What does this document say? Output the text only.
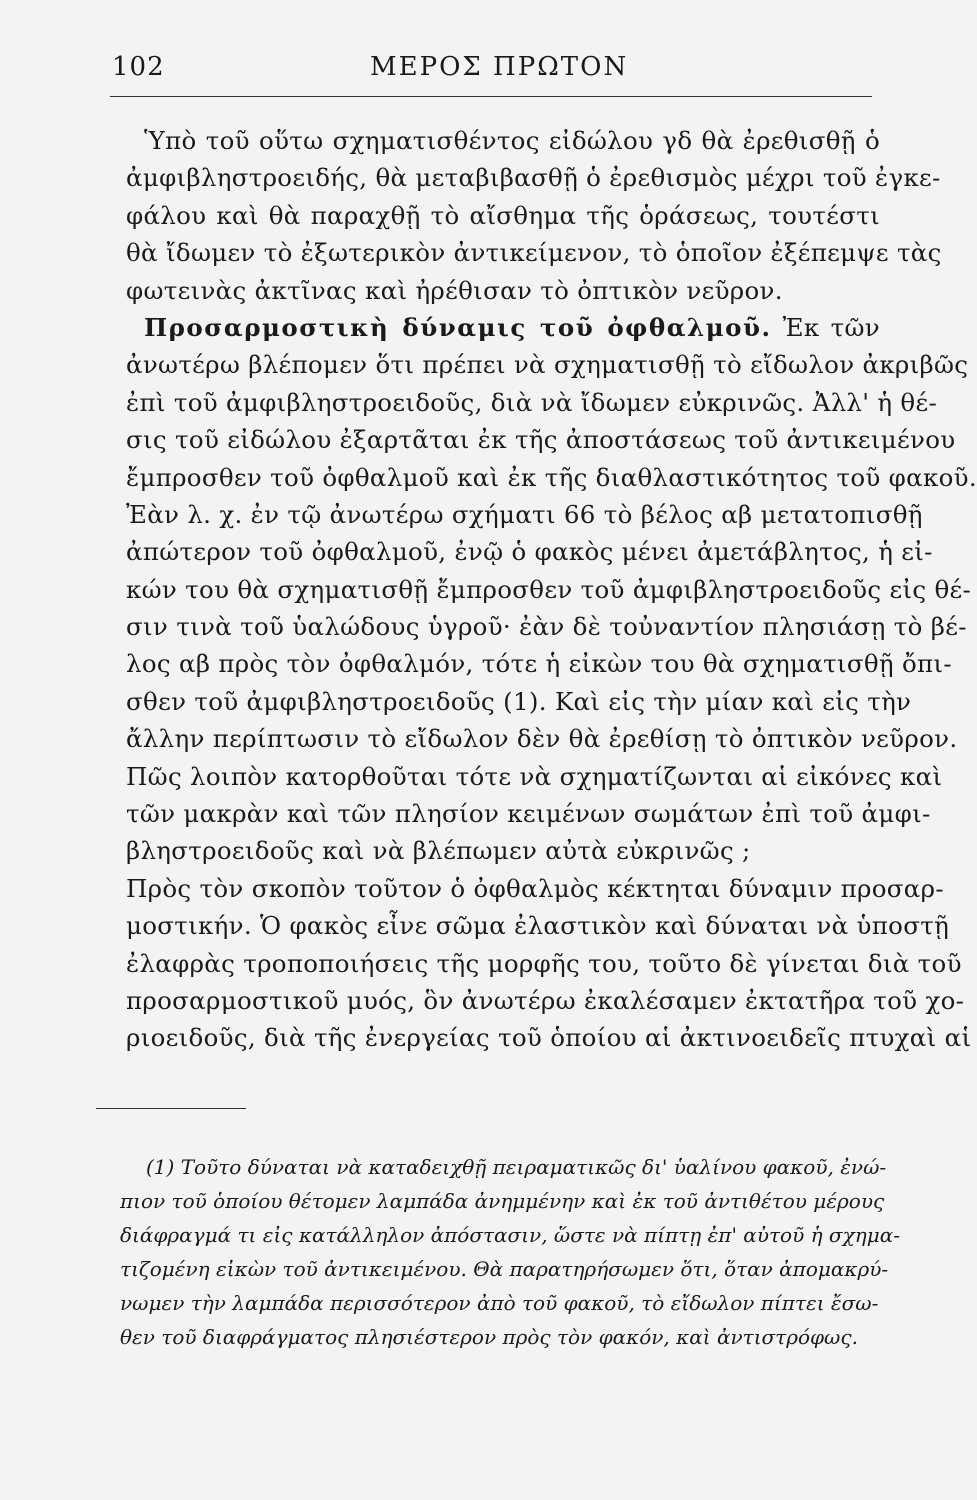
102	ΜΕΡΟΣ ΠΡΩΤΟΝ
Ὑπὸ τοῦ οὕτω σχηματισθέντος εἰδώλου γδ θὰ ἐρεθισθῇ ὁ
ἀμφιβληστροειδής, θὰ μεταβιβασθῇ ὁ ἐρεθισμὸς μέχρι τοῦ ἐγκε-
φάλου καὶ θὰ παραχθῇ τὸ αἴσθημα τῆς ὁράσεως, τουτέστι
θὰ ἴδωμεν τὸ ἐξωτερικὸν ἀντικείμενον, τὸ ὁποῖον ἐξέπεμψε τὰς
φωτεινὰς ἀκτῖνας καὶ ἠρέθισαν τὸ ὀπτικὸν νεῦρον.
Προσαρμοστικὴ δύναμις τοῦ ὀφθαλμοῦ. Ἐκ τῶν
ἀνωτέρω βλέπομεν ὅτι πρέπει νὰ σχηματισθῇ τὸ εἴδωλον ἀκριβῶς
ἐπὶ τοῦ ἀμφιβληστροειδοῦς, διὰ νὰ ἴδωμεν εὐκρινῶς. Ἀλλ' ἡ θέ-
σις τοῦ εἰδώλου ἐξαρτᾶται ἐκ τῆς ἀποστάσεως τοῦ ἀντικειμένου
ἔμπροσθεν τοῦ ὀφθαλμοῦ καὶ ἐκ τῆς διαθλαστικότητος τοῦ φακοῦ.
Ἐὰν λ. χ. ἐν τῷ ἀνωτέρω σχήματι 66 τὸ βέλος αβ μετατοπισθῇ
ἀπώτερον τοῦ ὀφθαλμοῦ, ἐνῷ ὁ φακὸς μένει ἀμετάβλητος, ἡ εἰ-
κών του θὰ σχηματισθῇ ἔμπροσθεν τοῦ ἀμφιβληστροειδοῦς εἰς θέ-
σιν τινὰ τοῦ ὑαλώδους ὑγροῦ· ἐὰν δὲ τοὐναντίον πλησιάσῃ τὸ βέ-
λος αβ πρὸς τὸν ὀφθαλμόν, τότε ἡ εἰκὼν του θὰ σχηματισθῇ ὄπι-
σθεν τοῦ ἀμφιβληστροειδοῦς (1). Καὶ εἰς τὴν μίαν καὶ εἰς τὴν
ἄλλην περίπτωσιν τὸ εἴδωλον δὲν θὰ ἐρεθίσῃ τὸ ὀπτικὸν νεῦρον.
Πῶς λοιπὸν κατορθοῦται τότε νὰ σχηματίζωνται αἱ εἰκόνες καὶ
τῶν μακρὰν καὶ τῶν πλησίον κειμένων σωμάτων ἐπὶ τοῦ ἀμφι-
βληστροειδοῦς καὶ νὰ βλέπωμεν αὐτὰ εὐκρινῶς ;
Πρὸς τὸν σκοπὸν τοῦτον ὁ ὀφθαλμὸς κέκτηται δύναμιν προσαρ-
μοστικήν. Ὁ φακὸς εἶνε σῶμα ἐλαστικὸν καὶ δύναται νὰ ὑποστῇ
ἐλαφρὰς τροποποιήσεις τῆς μορφῆς του, τοῦτο δὲ γίνεται διὰ τοῦ
προσαρμοστικοῦ μυός, ὃν ἀνωτέρω ἐκαλέσαμεν ἐκτατῆρα τοῦ χο-
ριοειδοῦς, διὰ τῆς ἐνεργείας τοῦ ὁποίου αἱ ἀκτινοειδεῖς πτυχαὶ αἱ
(1) Τοῦτο δύναται νὰ καταδειχθῇ πειραματικῶς δι' ὑαλίνου φακοῦ, ἐνώ-
πιον τοῦ ὁποίου θέτομεν λαμπάδα ἀνημμένην καὶ ἐκ τοῦ ἀντιθέτου μέρους
διάφραγμά τι εἰς κατάλληλον ἀπόστασιν, ὥστε νὰ πίπτῃ ἐπ' αὐτοῦ ἡ σχημα-
τιζομένη εἰκὼν τοῦ ἀντικειμένου. Θὰ παρατηρήσωμεν ὅτι, ὅταν ἀπομακρύ-
νωμεν τὴν λαμπάδα περισσότερον ἀπὸ τοῦ φακοῦ, τὸ εἴδωλον πίπτει ἔσω-
θεν τοῦ διαφράγματος πλησιέστερον πρὸς τὸν φακόν, καὶ ἀντιστρόφως.
